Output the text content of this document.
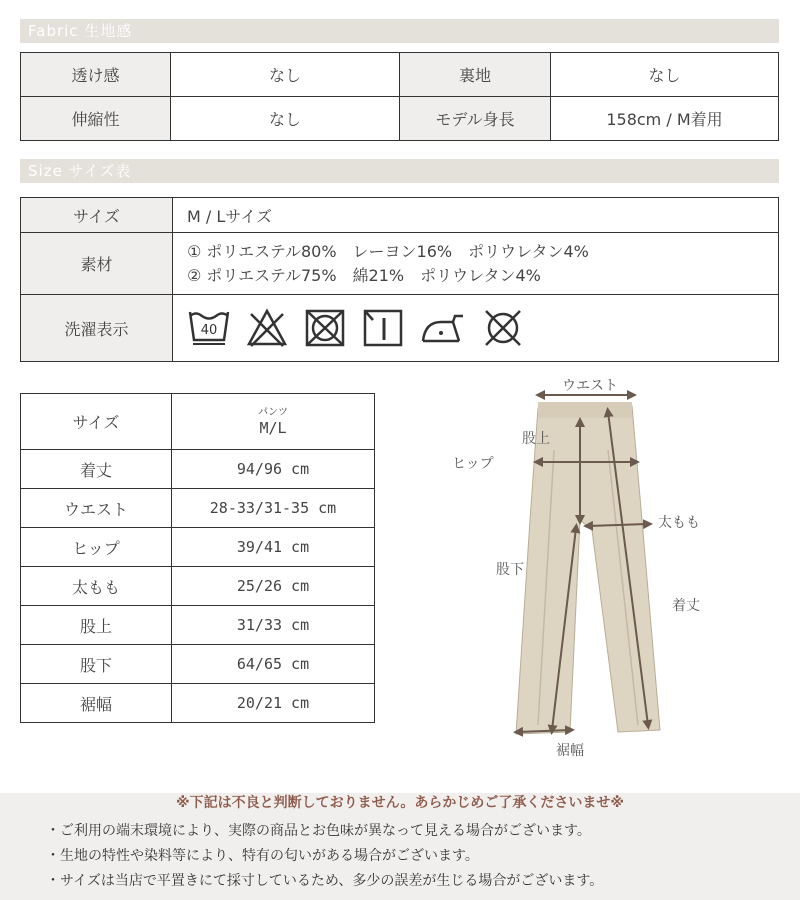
Fabric 生地感
透け感	なし	裏地	なし
伸縮性	なし	モデル身長	158cm / M着用
Size サイズ表
サイズ	M / Lサイズ
素材	① ポリエステル80%　レーヨン16%　ポリウレタン4%
② ポリエステル75%　綿21%　ポリウレタン4%

洗濯表示	40
サイズ	パンツ
M/L
着丈	94/96 cm
ウエスト	28-33/31-35 cm
ヒップ	39/41 cm
太もも	25/26 cm
股上	31/33 cm
股下	64/65 cm
裾幅	20/21 cm
ウエスト
股上
ヒップ
太もも
股下
着丈
裾幅
※下記は不良と判断しておりません。あらかじめご了承くださいませ※
・ご利用の端末環境により、実際の商品とお色味が異なって見える場合がございます。
・生地の特性や染料等により、特有の匂いがある場合がございます。
・サイズは当店で平置きにて採寸しているため、多少の誤差が生じる場合がございます。
